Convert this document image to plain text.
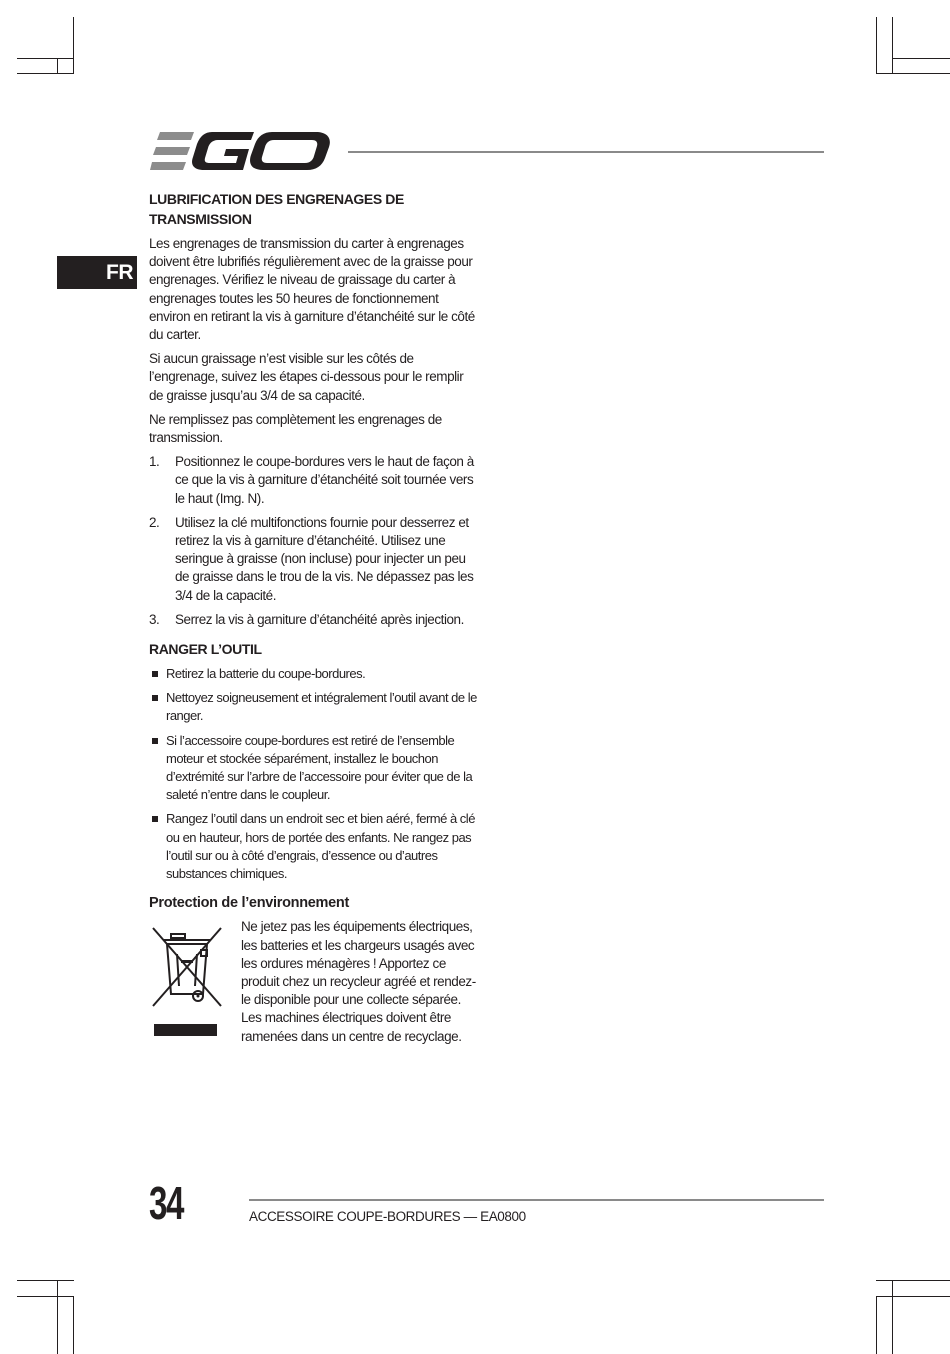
FR
LUBRIFICATION DES ENGRENAGES DE TRANSMISSION

Les engrenages de transmission du carter à engrenages doivent être lubrifiés régulièrement avec de la graisse pour engrenages. Vérifiez le niveau de graissage du carter à engrenages toutes les 50 heures de fonctionnement environ en retirant la vis à garniture d’étanchéité sur le côté du carter.

Si aucun graissage n’est visible sur les côtés de l’engrenage, suivez les étapes ci-dessous pour le remplir de graisse jusqu’au 3/4 de sa capacité.

Ne remplissez pas complètement les engrenages de transmission.

1. Positionnez le coupe-bordures vers le haut de façon à ce que la vis à garniture d’étanchéité soit tournée vers le haut (Img. N).
2. Utilisez la clé multifonctions fournie pour desserrez et retirez la vis à garniture d’étanchéité. Utilisez une seringue à graisse (non incluse) pour injecter un peu de graisse dans le trou de la vis. Ne dépassez pas les 3/4 de la capacité.
3. Serrez la vis à garniture d’étanchéité après injection.
RANGER L’OUTIL
Retirez la batterie du coupe-bordures.
Nettoyez soigneusement et intégralement l’outil avant de le ranger.
Si l’accessoire coupe-bordures est retiré de l’ensemble moteur et stockée séparément, installez le bouchon d’extrémité sur l’arbre de l’accessoire pour éviter que de la saleté n’entre dans le coupleur.
Rangez l’outil dans un endroit sec et bien aéré, fermé à clé ou en hauteur, hors de portée des enfants. Ne rangez pas l’outil sur ou à côté d’engrais, d’essence ou d’autres substances chimiques.
Protection de l’environnement

Ne jetez pas les équipements électriques, les batteries et les chargeurs usagés avec les ordures ménagères ! Apportez ce produit chez un recycleur agréé et rendez-le disponible pour une collecte séparée. Les machines électriques doivent être ramenées dans un centre de recyclage.

34	ACCESSOIRE COUPE-BORDURES — EA0800
